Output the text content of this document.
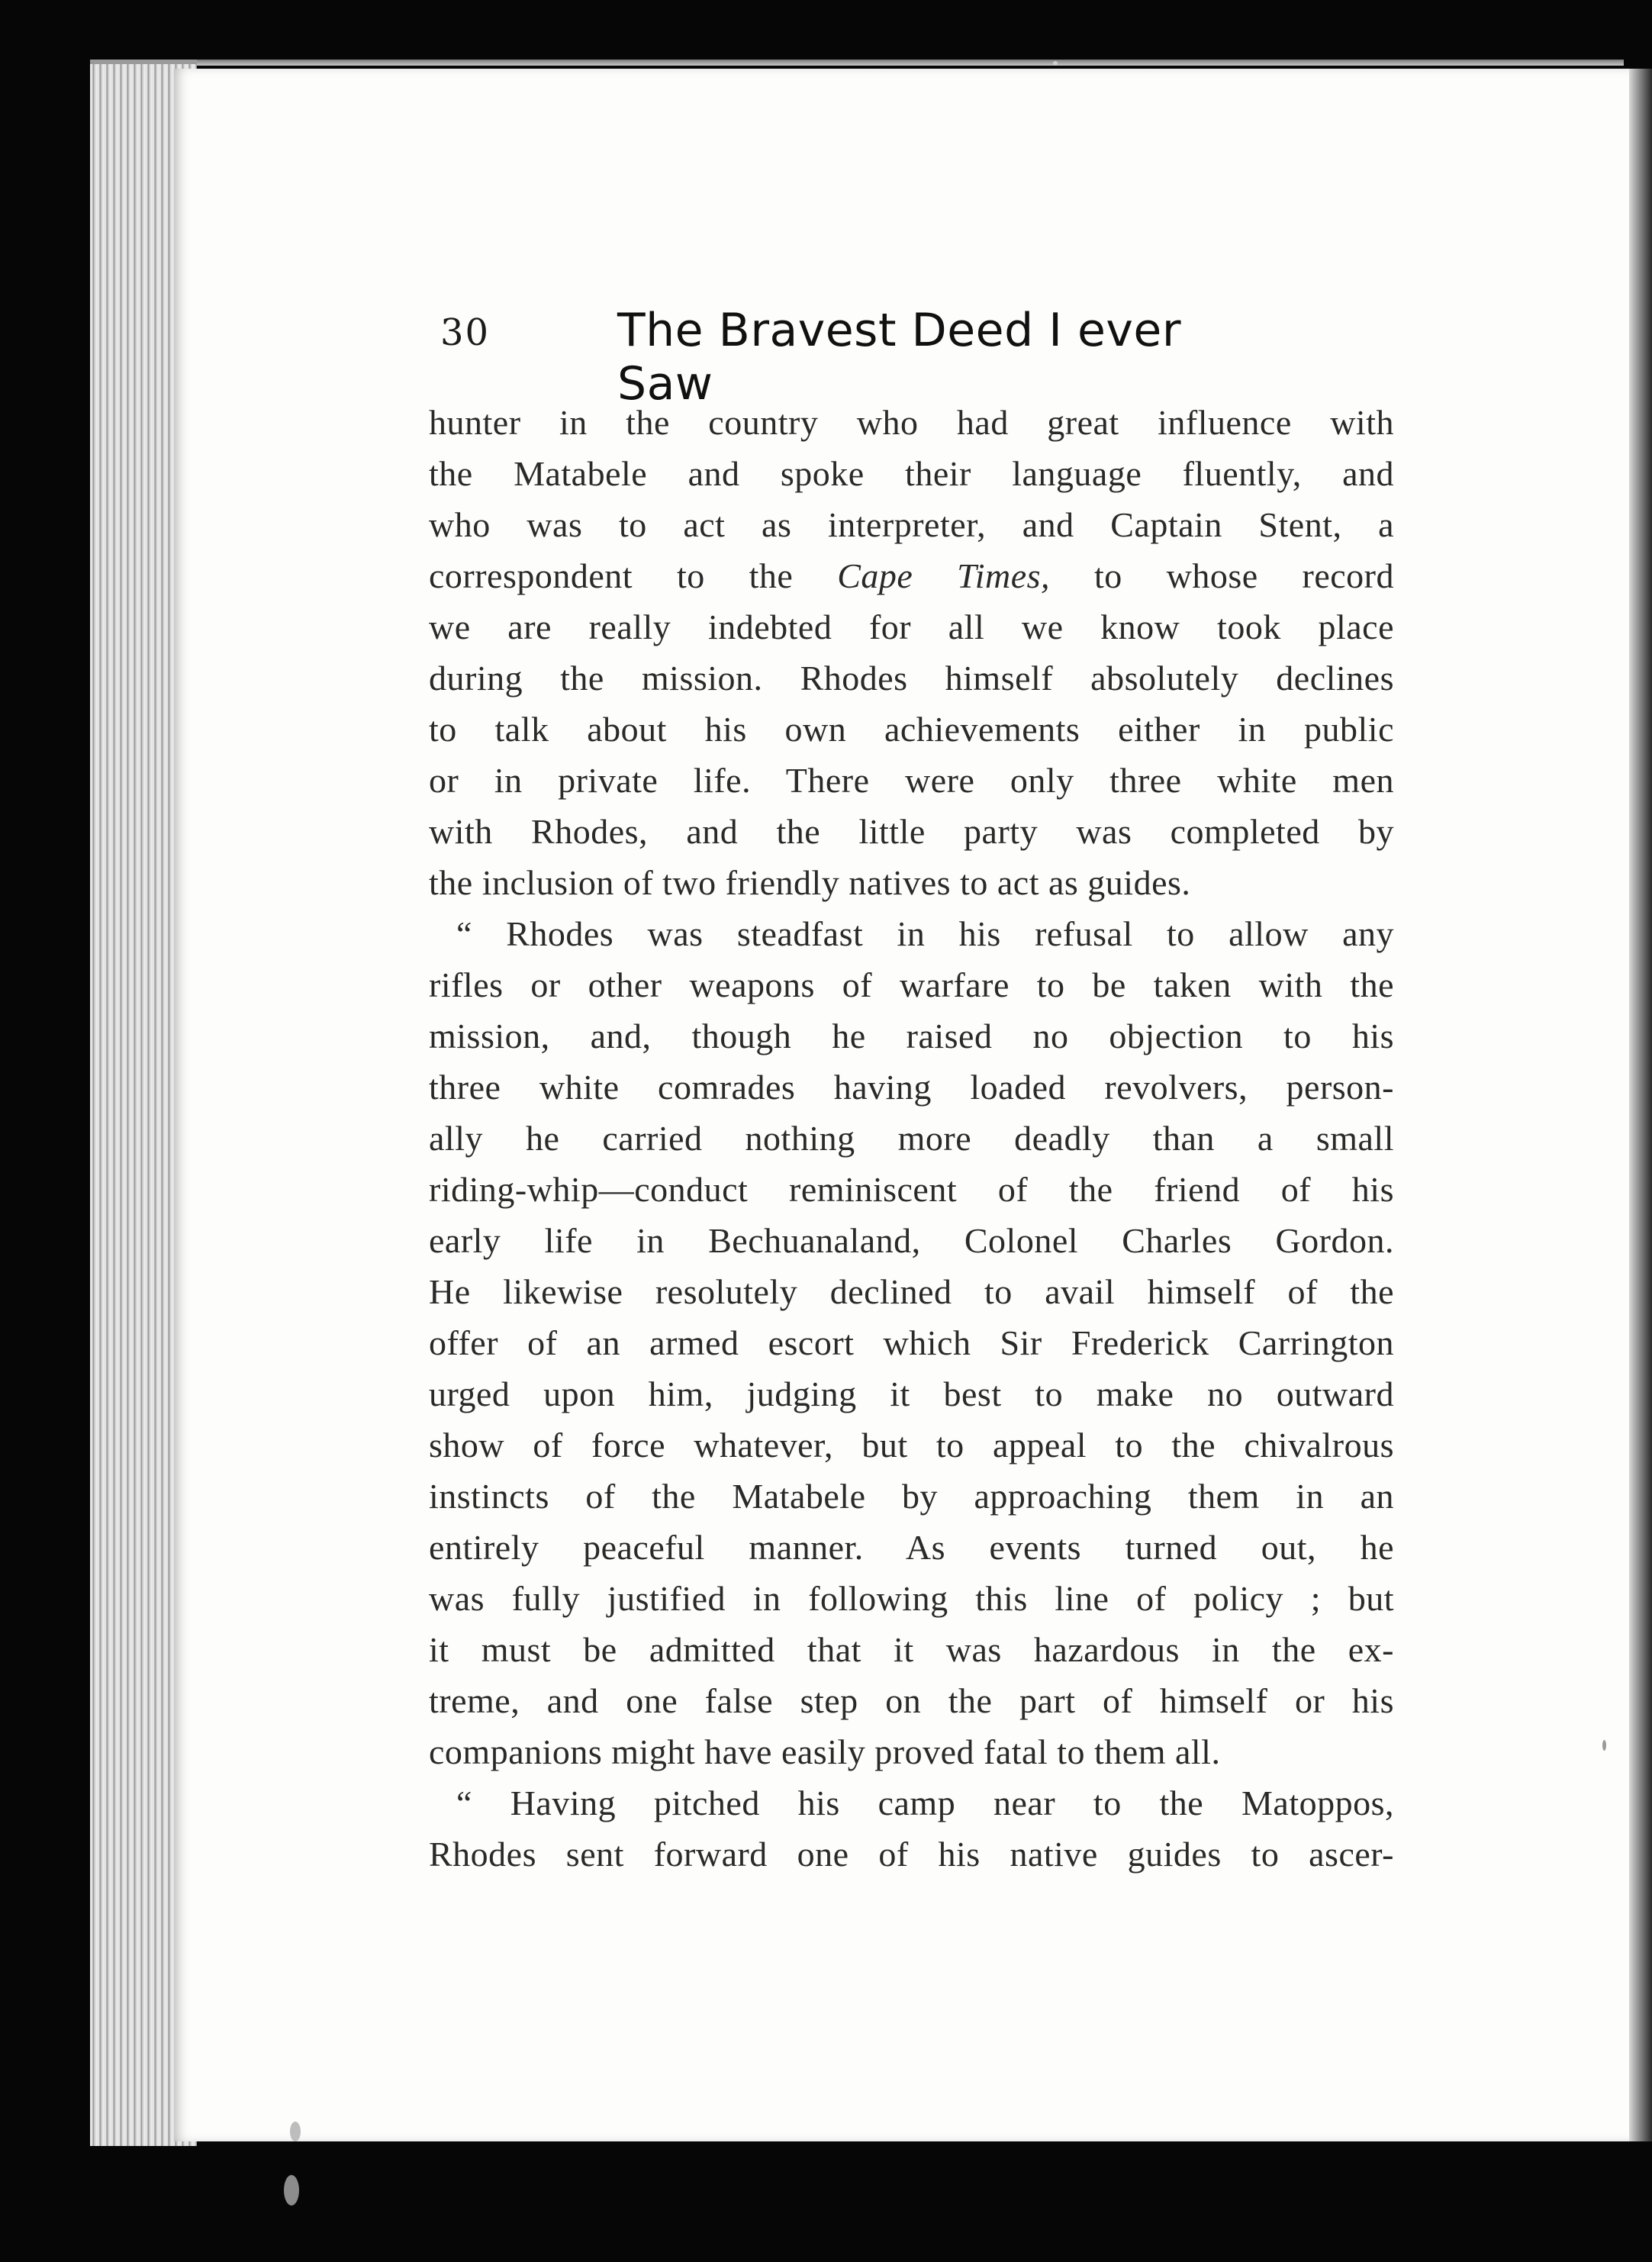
30	The Bravest Deed I ever Saw
hunter in the country who had great influence with
the Matabele and spoke their language fluently, and
who was to act as interpreter, and Captain Stent, a
correspondent to the Cape Times, to whose record
we are really indebted for all we know took place
during the mission. Rhodes himself absolutely declines
to talk about his own achievements either in public
or in private life. There were only three white men
with Rhodes, and the little party was completed by
the inclusion of two friendly natives to act as guides.
“ Rhodes was steadfast in his refusal to allow any
rifles or other weapons of warfare to be taken with the
mission, and, though he raised no objection to his
three white comrades having loaded revolvers, person-
ally he carried nothing more deadly than a small
riding-whip—conduct reminiscent of the friend of his
early life in Bechuanaland, Colonel Charles Gordon.
He likewise resolutely declined to avail himself of the
offer of an armed escort which Sir Frederick Carrington
urged upon him, judging it best to make no outward
show of force whatever, but to appeal to the chivalrous
instincts of the Matabele by approaching them in an
entirely peaceful manner. As events turned out, he
was fully justified in following this line of policy ; but
it must be admitted that it was hazardous in the ex-
treme, and one false step on the part of himself or his
companions might have easily proved fatal to them all.
“ Having pitched his camp near to the Matoppos,
Rhodes sent forward one of his native guides to ascer-
